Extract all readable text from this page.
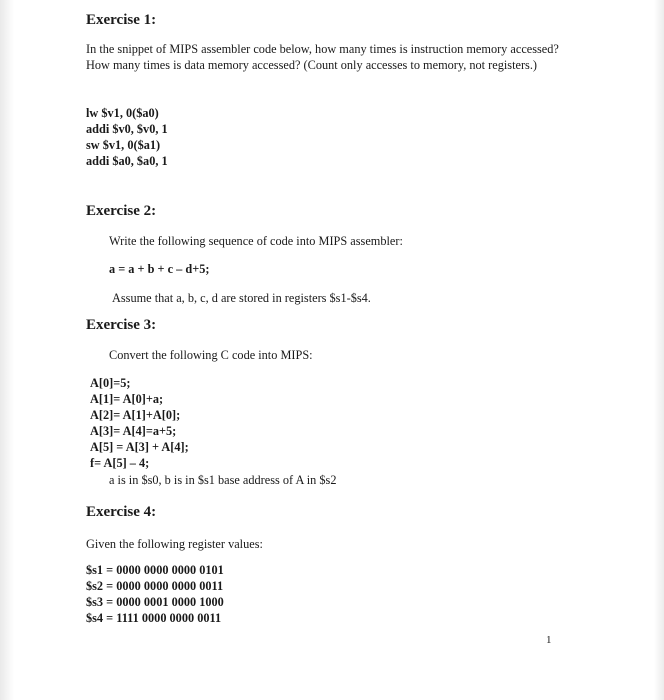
Exercise 1:
In the snippet of MIPS assembler code below, how many times is instruction memory accessed? How many times is data memory accessed? (Count only accesses to memory, not registers.)
lw $v1, 0($a0)
addi $v0, $v0, 1
sw $v1, 0($a1)
addi $a0, $a0, 1
Exercise 2:
Write the following sequence of code into MIPS assembler:
a = a + b + c – d+5;
Assume that a, b, c, d are stored in registers $s1-$s4.
Exercise 3:
Convert the following C code into MIPS:
A[0]=5;
A[1]= A[0]+a;
A[2]= A[1]+A[0];
A[3]= A[4]=a+5;
A[5] = A[3] + A[4];
f= A[5] – 4;
a is in $s0, b is in $s1 base address of A in $s2
Exercise 4:
Given the following register values:
$s1 = 0000 0000 0000 0101
$s2 = 0000 0000 0000 0011
$s3 = 0000 0001 0000 1000
$s4 = 1111 0000 0000 0011
1
